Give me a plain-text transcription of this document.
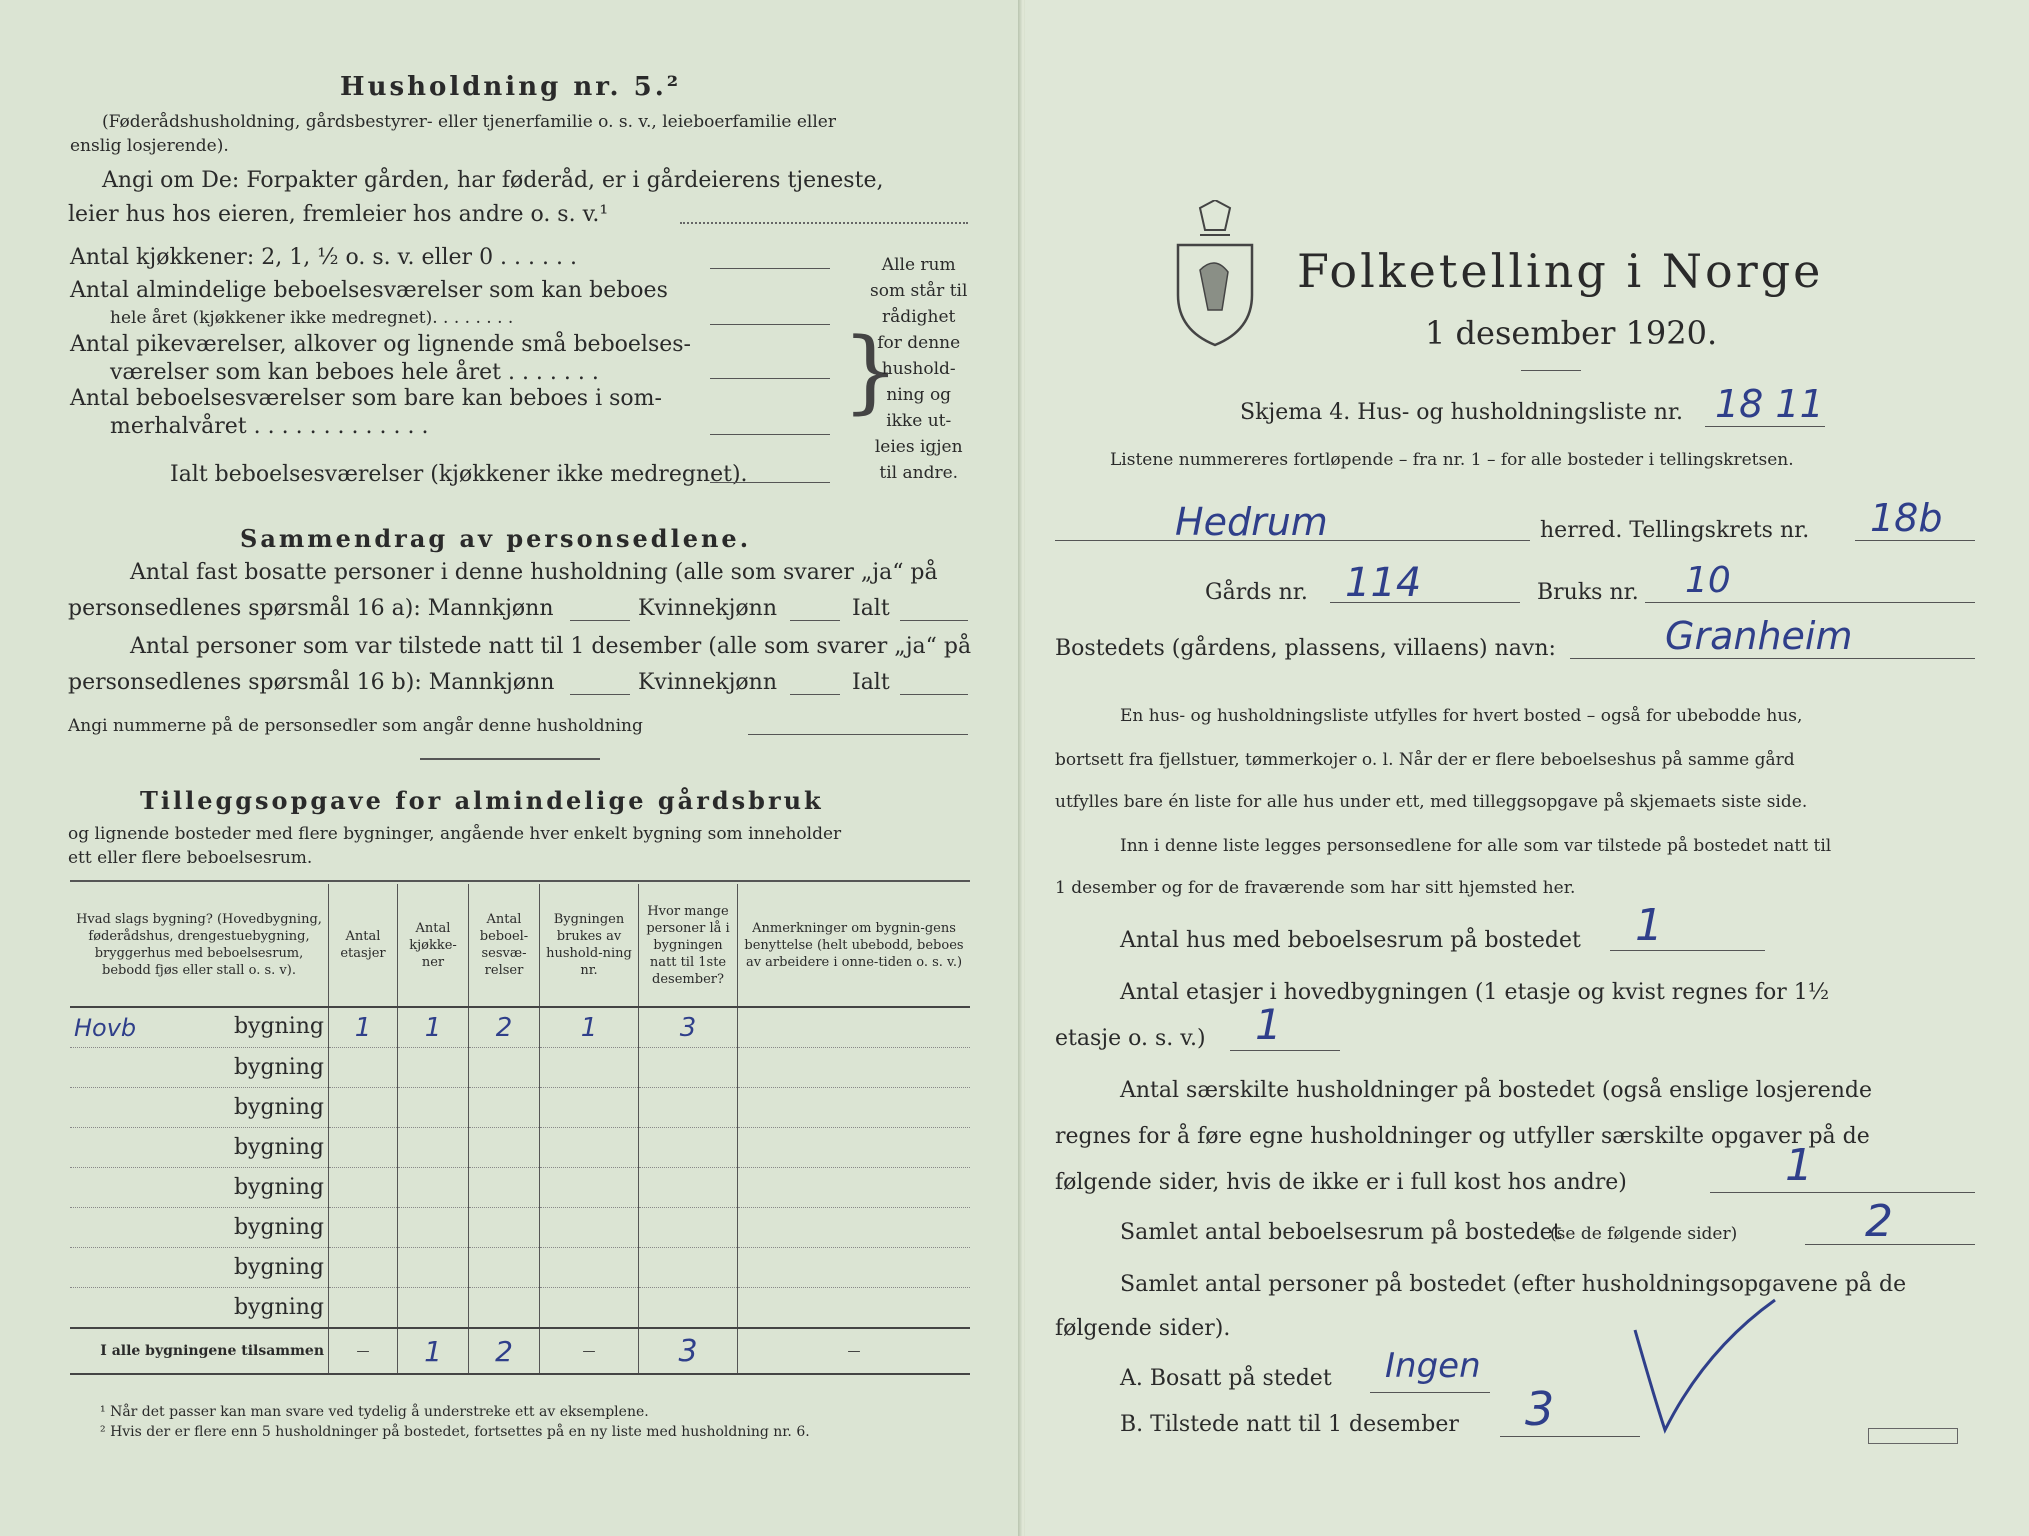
Husholdning nr. 5.²
(Føderådshusholdning, gårdsbestyrer- eller tjenerfamilie o. s. v., leieboerfamilie eller
enslig losjerende).
Angi om De: Forpakter gården, har føderåd, er i gårdeierens tjeneste,
leier hus hos eieren, fremleier hos andre o. s. v.¹
Antal kjøkkener: 2, 1, ½ o. s. v. eller 0 . . . . . .
Antal almindelige beboelsesværelser som kan beboes
hele året (kjøkkener ikke medregnet). . . . . . . .
Antal pikeværelser, alkover og lignende små beboelses-
værelser som kan beboes hele året . . . . . . .
Antal beboelsesværelser som bare kan beboes i som-
merhalvåret . . . . . . . . . . . . .
Ialt beboelsesværelser (kjøkkener ikke medregnet).
}
Alle rum
som står til
rådighet
for denne
hushold-
ning og
ikke ut-
leies igjen
til andre.
Sammendrag av personsedlene.
Antal fast bosatte personer i denne husholdning (alle som svarer „ja“ på
personsedlenes spørsmål 16 a): Mannkjønn	Kvinnekjønn	Ialt
Antal personer som var tilstede natt til 1 desember (alle som svarer „ja“ på
personsedlenes spørsmål 16 b): Mannkjønn	Kvinnekjønn	Ialt
Angi nummerne på de personsedler som angår denne husholdning
Tilleggsopgave for almindelige gårdsbruk
og lignende bosteder med flere bygninger, angående hver enkelt bygning som inneholder
ett eller flere beboelsesrum.
Hvad slags bygning? (Hovedbygning, føderådshus, drengestuebygning, bryggerhus med beboelsesrum, bebodd fjøs eller stall o. s. v).	Antal etasjer	Antal kjøkke-ner	Antal beboel-sesvæ-relser	Bygningen brukes av hushold-ning nr.	Hvor mange personer lå i bygningen natt til 1ste desember?	Anmerkninger om bygnin-gens benyttelse (helt ubebodd, beboes av arbeidere i onne-tiden o. s. v.)

Hovb bygning	1	1	2	1	3	
bygning						
bygning						
bygning						
bygning						
bygning						
bygning						
bygning						
I alle bygningene tilsammen	—	1	2	—	3	—
¹ Når det passer kan man svare ved tydelig å understreke ett av eksemplene.
² Hvis der er flere enn 5 husholdninger på bostedet, fortsettes på en ny liste med husholdning nr. 6.
Folketelling i Norge
1 desember 1920.
Skjema 4. Hus- og husholdningsliste nr. 18 11
Listene nummereres fortløpende – fra nr. 1 – for alle bosteder i tellingskretsen.
Hedrum	herred. Tellingskrets nr. 18b
Gårds nr. 114	Bruks nr. 10
Bostedets (gårdens, plassens, villaens) navn:	Granheim
En hus- og husholdningsliste utfylles for hvert bosted – også for ubebodde hus,
bortsett fra fjellstuer, tømmerkojer o. l. Når der er flere beboelseshus på samme gård
utfylles bare én liste for alle hus under ett, med tilleggsopgave på skjemaets siste side.
Inn i denne liste legges personsedlene for alle som var tilstede på bostedet natt til
1 desember og for de fraværende som har sitt hjemsted her.
Antal hus med beboelsesrum på bostedet 1
Antal etasjer i hovedbygningen (1 etasje og kvist regnes for 1½
etasje o. s. v.) 1
Antal særskilte husholdninger på bostedet (også enslige losjerende
regnes for å føre egne husholdninger og utfyller særskilte opgaver på de
følgende sider, hvis de ikke er i full kost hos andre)	1
Samlet antal beboelsesrum på bostedet
(se de følgende sider)	2
Samlet antal personer på bostedet (efter husholdningsopgavene på de
følgende sider).
A. Bosatt på stedet Ingen
B. Tilstede natt til 1 desember 3
